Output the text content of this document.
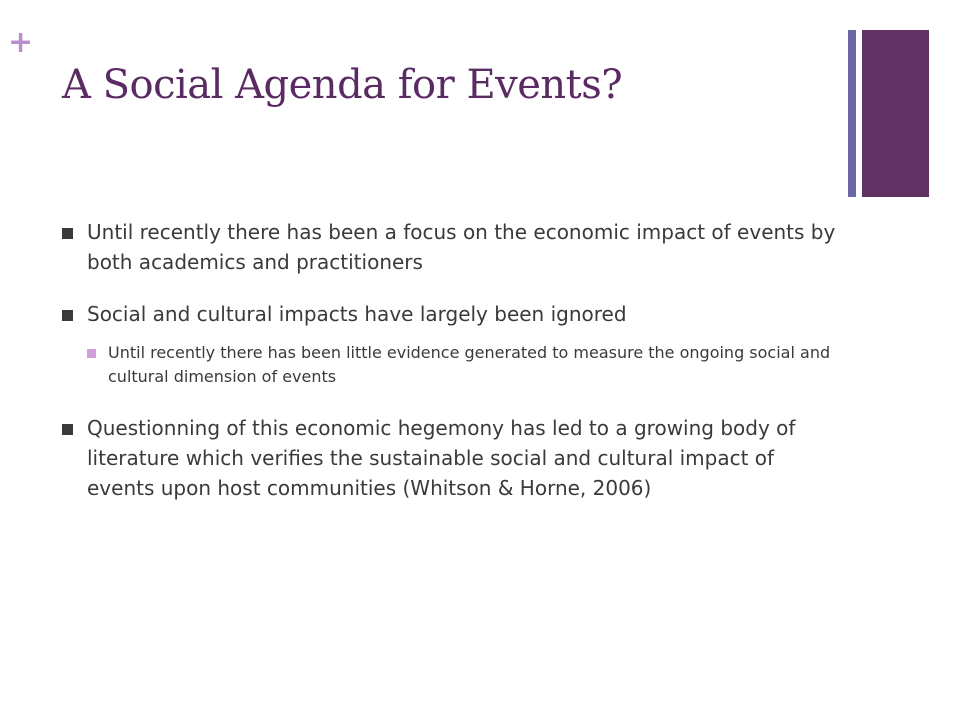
+
A Social Agenda for Events?
Until recently there has been a focus on the economic impact of events by both academics and practitioners
Social and cultural impacts have largely been ignored
Until recently there has been little evidence generated to measure the ongoing social and cultural dimension of events
Questionning of this economic hegemony has led to a growing body of literature which verifies the sustainable social and cultural impact of events upon host communities (Whitson & Horne, 2006)
